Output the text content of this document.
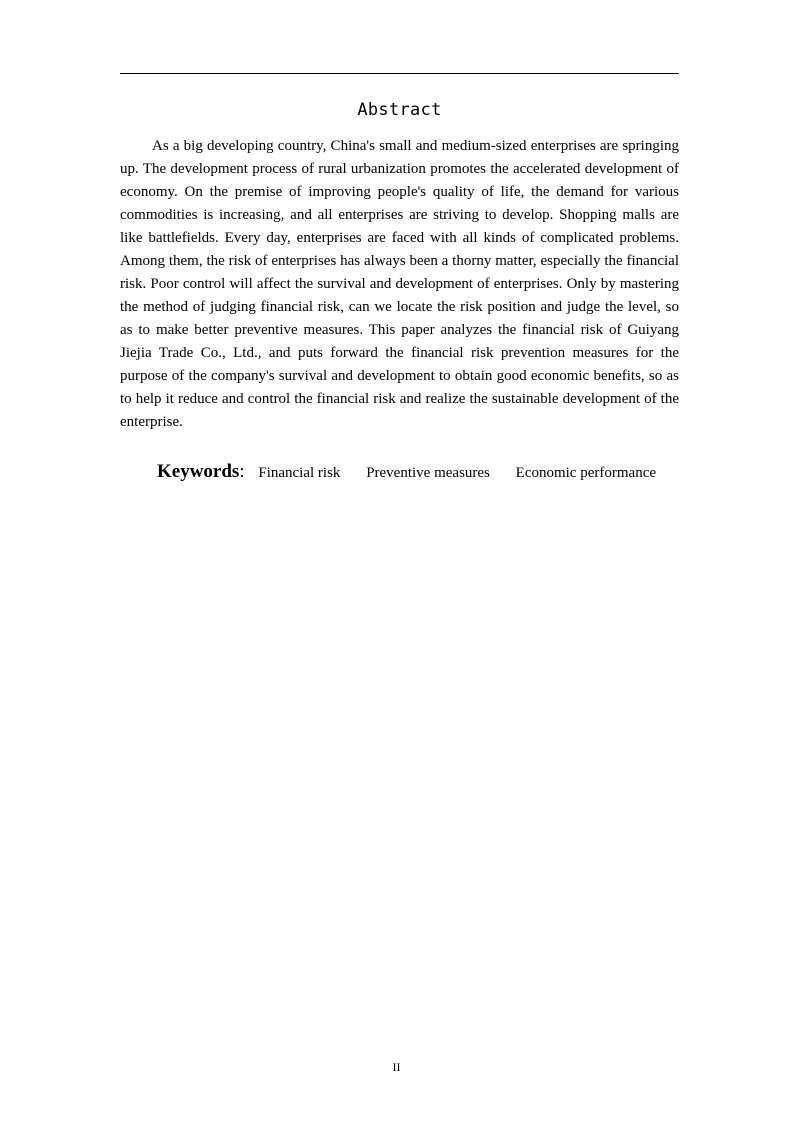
Abstract

As a big developing country, China's small and medium-sized enterprises are springing up. The development process of rural urbanization promotes the accelerated development of economy. On the premise of improving people's quality of life, the demand for various commodities is increasing, and all enterprises are striving to develop. Shopping malls are like battlefields. Every day, enterprises are faced with all kinds of complicated problems. Among them, the risk of enterprises has always been a thorny matter, especially the financial risk. Poor control will affect the survival and development of enterprises. Only by mastering the method of judging financial risk, can we locate the risk position and judge the level, so as to make better preventive measures. This paper analyzes the financial risk of Guiyang Jiejia Trade Co., Ltd., and puts forward the financial risk prevention measures for the purpose of the company's survival and development to obtain good economic benefits, so as to help it reduce and control the financial risk and realize the sustainable development of the enterprise.

Keywords: Financial risk Preventive measures Economic performance
II
